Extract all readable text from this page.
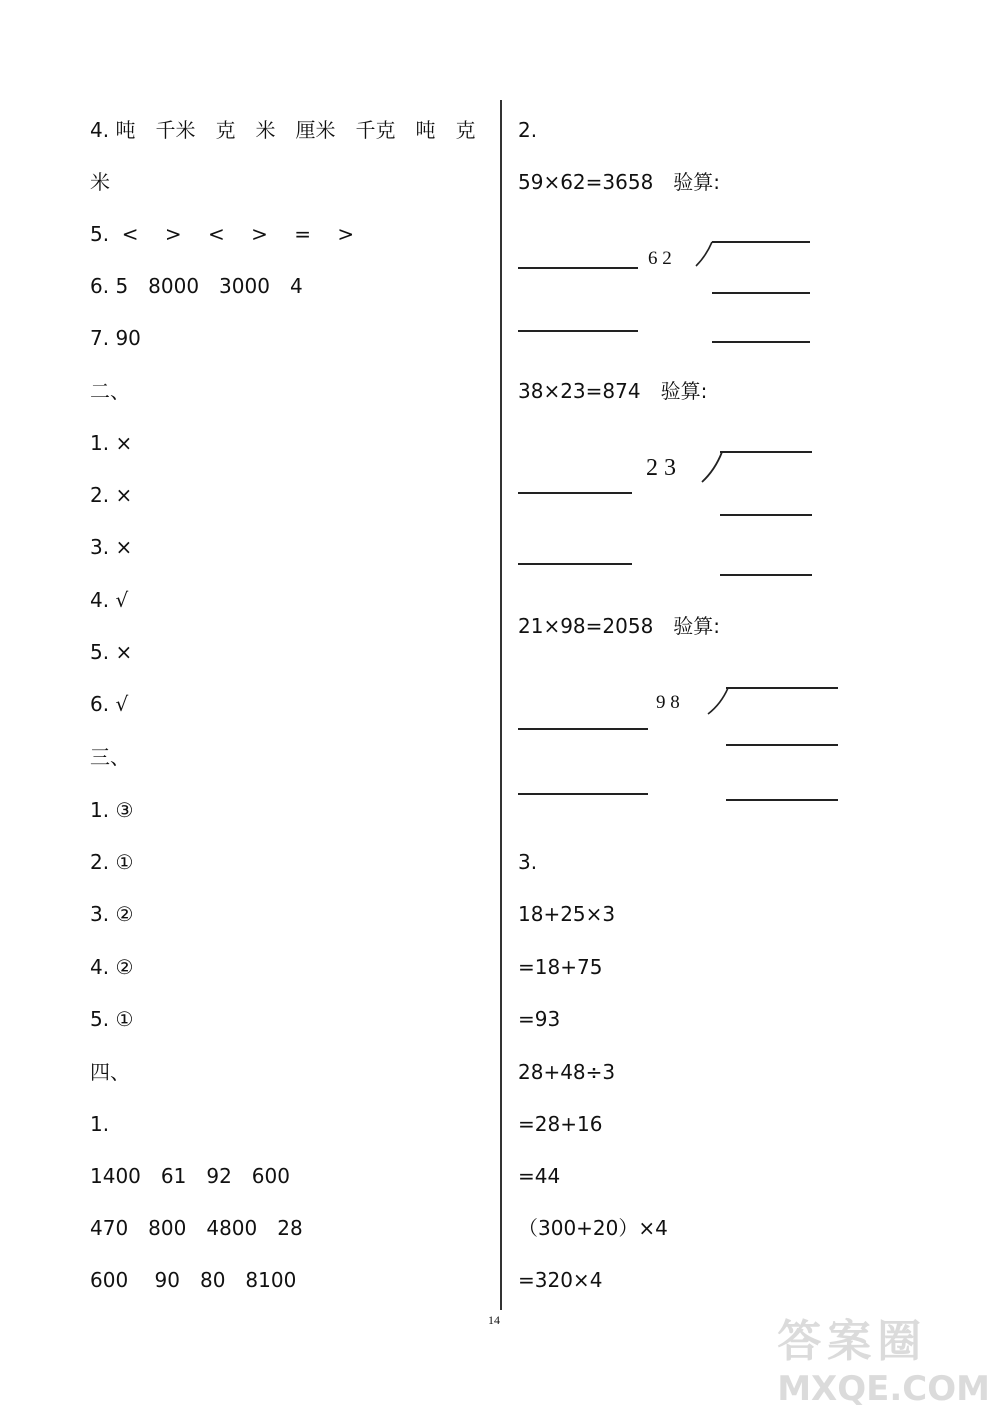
4. 吨　千米　克　米　厘米　千克　吨　克
米
5.  <　 >　 <　 >　 =　 >
6. 5　8000　3000　4
7. 90
二、
1. ×
2. ×
3. ×
4. √
5. ×
6. √
三、
1. ③
2. ①
3. ②
4. ②
5. ①
四、
1.
1400　61　92　600
470　800　4800　28
600　 90　80　8100
2.
59×62=3658　验算:
38×23=874　验算:
21×98=2058　验算:
3.
18+25×3
=18+75
=93
28+48÷3
=28+16
=44
（300+20）×4
=320×4
6 2
2 3
9 8
14	答案圈
MXQE.COM
